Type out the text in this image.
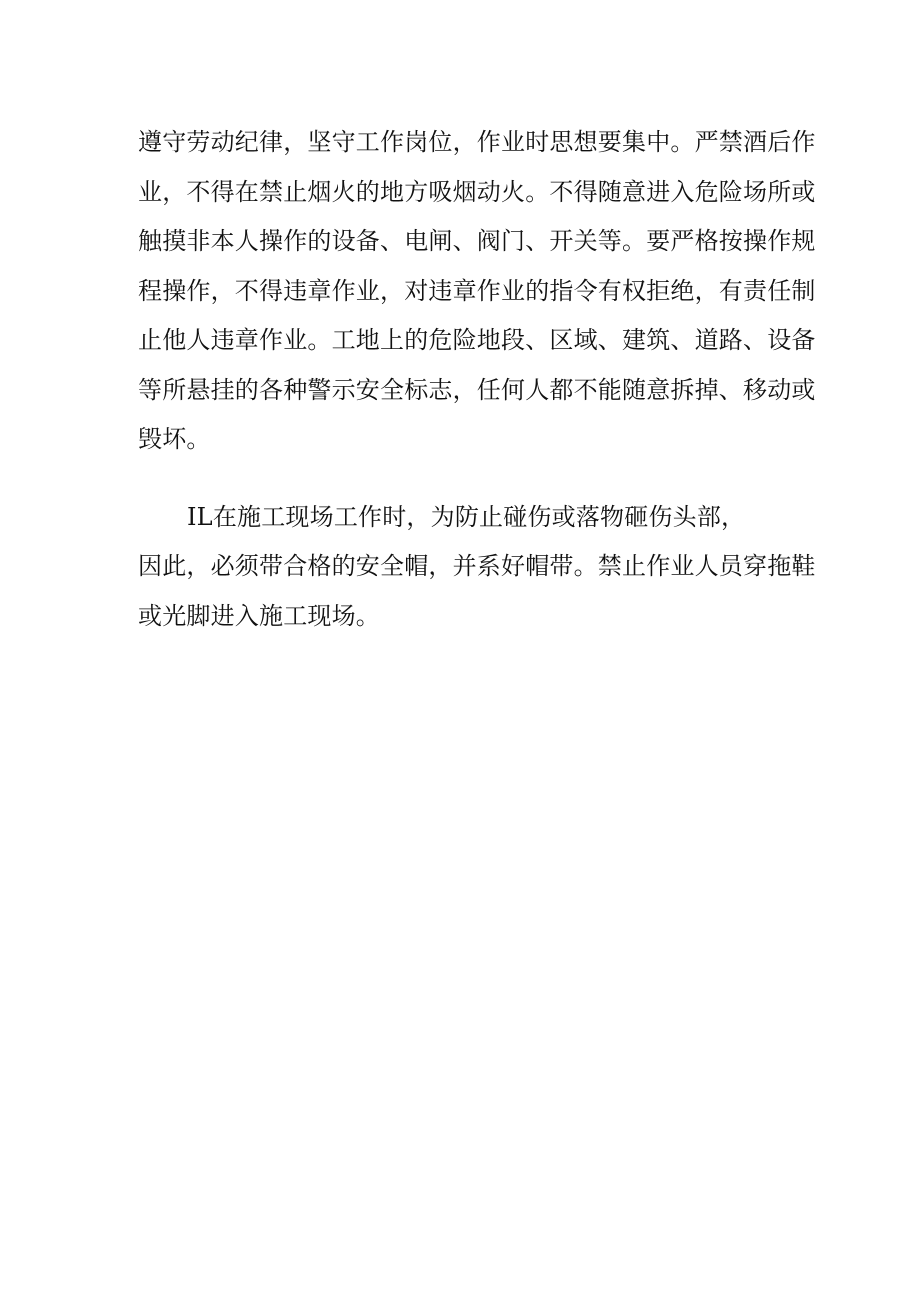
遵守劳动纪律，坚守工作岗位，作业时思想要集中。严禁酒后作
业，不得在禁止烟火的地方吸烟动火。不得随意进入危险场所或
触摸非本人操作的设备、电闸、阀门、开关等。要严格按操作规
程操作，不得违章作业，对违章作业的指令有权拒绝，有责任制
止他人违章作业。工地上的危险地段、区域、建筑、道路、设备
等所悬挂的各种警示安全标志，任何人都不能随意拆掉、移动或
毁坏。
IL在施工现场工作时，为防止碰伤或落物砸伤头部，
因此，必须带合格的安全帽，并系好帽带。禁止作业人员穿拖鞋
或光脚进入施工现场。
